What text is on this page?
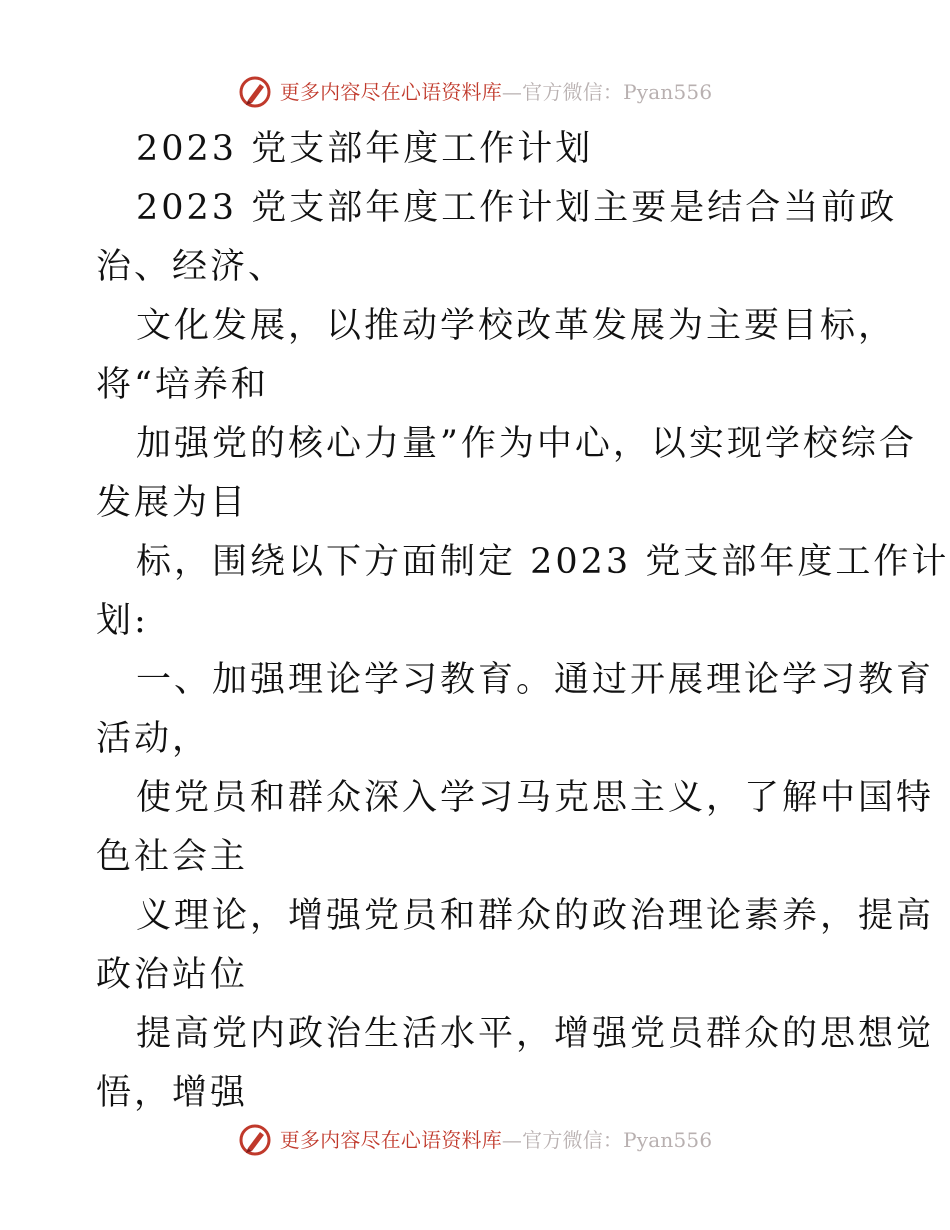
更多内容尽在心语资料库—官方微信：Pyan556
2023 党支部年度工作计划
2023 党支部年度工作计划主要是结合当前政
治、经济、
文化发展，以推动学校改革发展为主要目标，
将“培养和
加强党的核心力量”作为中心，以实现学校综合
发展为目
标，围绕以下方面制定 2023 党支部年度工作计
划:
一、加强理论学习教育。通过开展理论学习教育
活动，
使党员和群众深入学习马克思主义，了解中国特
色社会主
义理论，增强党员和群众的政治理论素养，提高
政治站位
提高党内政治生活水平，增强党员群众的思想觉
悟，增强
更多内容尽在心语资料库—官方微信：Pyan556
